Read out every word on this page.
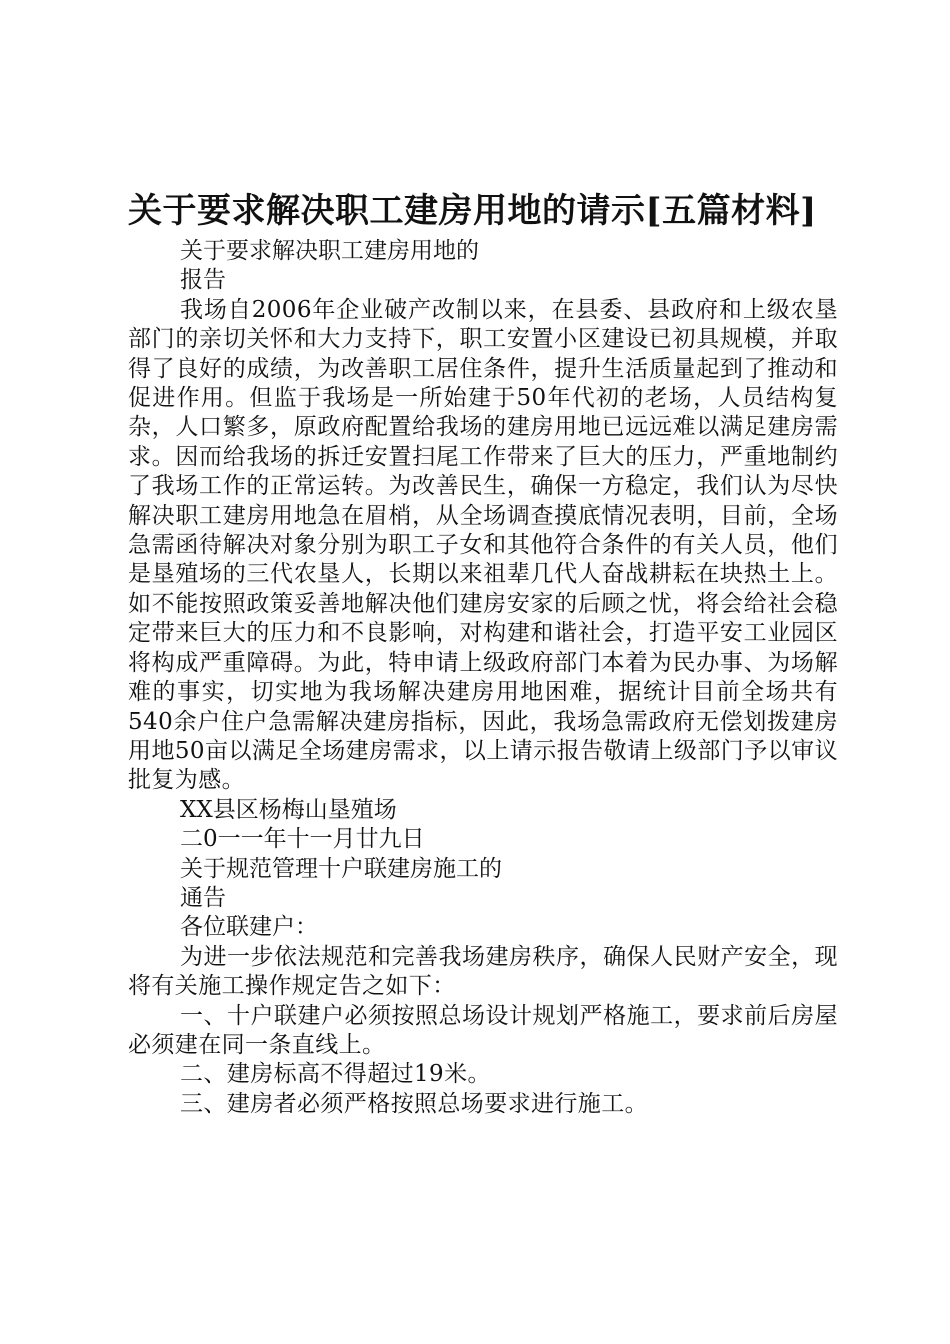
关于要求解决职工建房用地的请示[五篇材料]

关于要求解决职工建房用地的

报告

我场自2006年企业破产改制以来，在县委、县政府和上级农垦部门的亲切关怀和大力支持下，职工安置小区建设已初具规模，并取得了良好的成绩，为改善职工居住条件，提升生活质量起到了推动和促进作用。但监于我场是一所始建于50年代初的老场，人员结构复杂，人口繁多，原政府配置给我场的建房用地已远远难以满足建房需求。因而给我场的拆迁安置扫尾工作带来了巨大的压力，严重地制约了我场工作的正常运转。为改善民生，确保一方稳定，我们认为尽快解决职工建房用地急在眉梢，从全场调查摸底情况表明，目前，全场急需函待解决对象分别为职工子女和其他符合条件的有关人员，他们是垦殖场的三代农垦人，长期以来祖辈几代人奋战耕耘在块热土上。如不能按照政策妥善地解决他们建房安家的后顾之忧，将会给社会稳定带来巨大的压力和不良影响，对构建和谐社会，打造平安工业园区将构成严重障碍。为此，特申请上级政府部门本着为民办事、为场解难的事实，切实地为我场解决建房用地困难，据统计目前全场共有540余户住户急需解决建房指标，因此，我场急需政府无偿划拨建房用地50亩以满足全场建房需求，以上请示报告敬请上级部门予以审议批复为感。

XX县区杨梅山垦殖场

二0一一年十一月廿九日

关于规范管理十户联建房施工的

通告

各位联建户：

为进一步依法规范和完善我场建房秩序，确保人民财产安全，现将有关施工操作规定告之如下：

一、十户联建户必须按照总场设计规划严格施工，要求前后房屋必须建在同一条直线上。

二、建房标高不得超过19米。

三、建房者必须严格按照总场要求进行施工。
